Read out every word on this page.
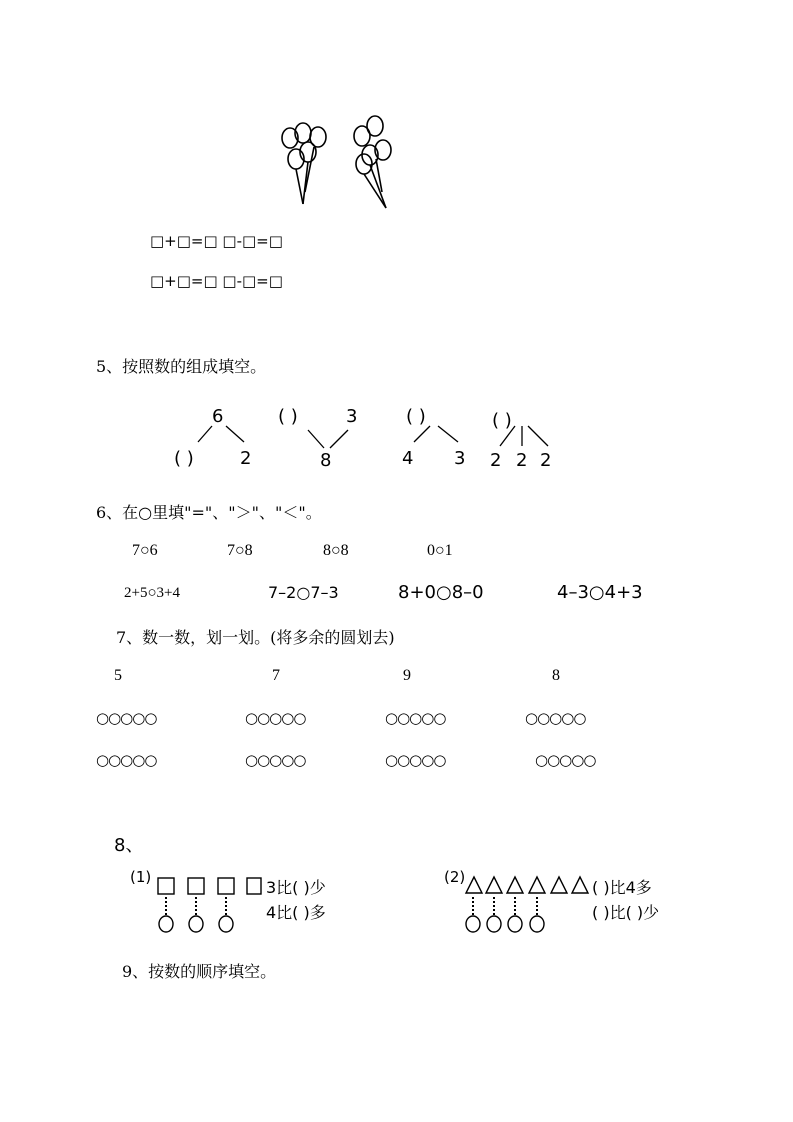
□+□=□ □-□=□
□+□=□ □-□=□
5、按照数的组成填空。
6
( )	2
( )	3
8
( )
4 3
( )
2 2 2
6、在○里填"="、"＞"、"＜"。
7○6	7○8	8○8	0○1
2+5○3+4	7–2○7–3	8+0○8–0	4–3○4+3
7、数一数，划一划。(将多余的圆划去)
5	7	9	8
○○○○○	○○○○○	○○○○○	○○○○○
○○○○○	○○○○○	○○○○○	○○○○○
8、
(1)
3比( )少
4比( )多
(2)
( )比4多
( )比( )少
9、按数的顺序填空。
